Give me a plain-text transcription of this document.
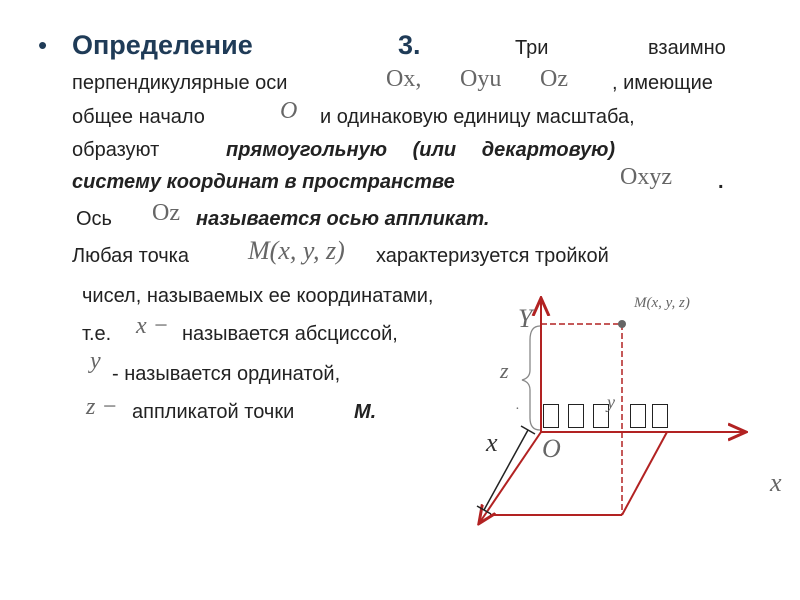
• Определение	3.	Три	взаимно
перпендикулярные оси	Ox, Oyu Oz , имеющие
общее начало	O и одинаковую единицу масштаба,
образуют	прямоугольную (или декартовую)
систему координат в пространстве	Oxyz .
Ось Oz называется осью аппликат.
Любая точка M(x, y, z) характеризуется тройкой
чисел, называемых ее координатами,
т.е. x − называется абсциссой,
y - называется ординатой,
z − аппликатой точки	M.
M(x, y, z)
Y
z
.
x O
x
y
